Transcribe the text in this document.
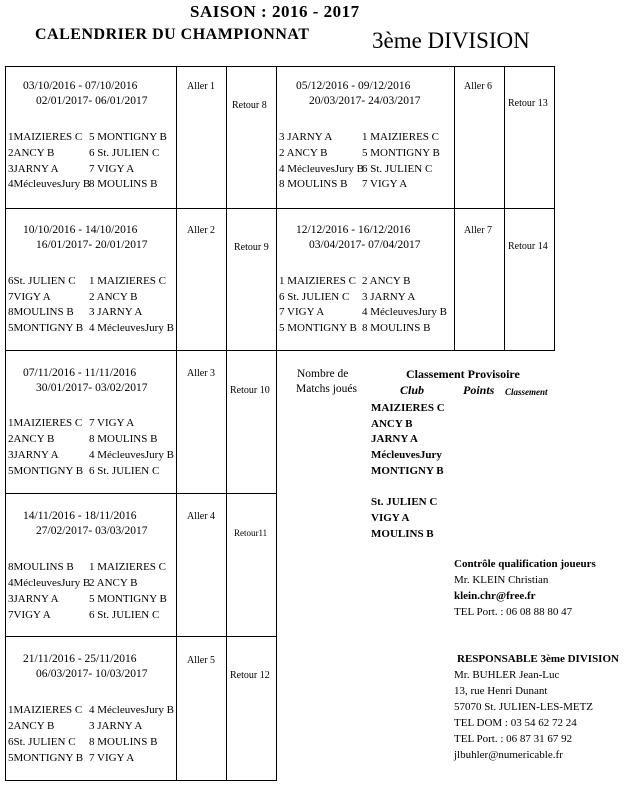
SAISON : 2016 - 2017
CALENDRIER DU CHAMPIONNAT	3ème DIVISION
03/10/2016 - 07/10/2016
02/01/2017- 06/01/2017
Aller 1
Retour 8
1MAIZIERES C
2ANCY B
3JARNY A
4MécleuvesJury B
5 MONTIGNY B
6 St. JULIEN C
7 VIGY A
8 MOULINS B
10/10/2016 - 14/10/2016
16/01/2017- 20/01/2017
Aller 2
Retour 9
6St. JULIEN C
7VIGY A
8MOULINS B
5MONTIGNY B
1 MAIZIERES C
2 ANCY B
3 JARNY A
4 MécleuvesJury B
07/11/2016 - 11/11/2016
30/01/2017- 03/02/2017
Aller 3
Retour 10
1MAIZIERES C
2ANCY B
3JARNY A
5MONTIGNY B
7 VIGY A
8 MOULINS B
4 MécleuvesJury B
6 St. JULIEN C
14/11/2016 - 18/11/2016
27/02/2017- 03/03/2017
Aller 4
Retour11
8MOULINS B
4MécleuvesJury B
3JARNY A
7VIGY A
1 MAIZIERES C
2 ANCY B
5 MONTIGNY B
6 St. JULIEN C
21/11/2016 - 25/11/2016
06/03/2017- 10/03/2017
Aller 5
Retour 12
1MAIZIERES C
2ANCY B
6St. JULIEN C
5MONTIGNY B
4 MécleuvesJury B
3 JARNY A
8 MOULINS B
7 VIGY A
05/12/2016 - 09/12/2016
20/03/2017- 24/03/2017
Aller 6
Retour 13
3 JARNY A
2 ANCY B
4 MécleuvesJury B
8 MOULINS B
1 MAIZIERES C
5 MONTIGNY B
6 St. JULIEN C
7 VIGY A
12/12/2016 - 16/12/2016
03/04/2017- 07/04/2017
Aller 7
Retour 14
1 MAIZIERES C
6 St. JULIEN C
7 VIGY A
5 MONTIGNY B
2 ANCY B
3 JARNY A
4 MécleuvesJury B
8 MOULINS B
Nombre de
Matchs joués
Classement Provisoire
Club	Points Classement
MAIZIERES C
ANCY B
JARNY A
MécleuvesJury
MONTIGNY B
St. JULIEN C
VIGY A
MOULINS B
Contrôle qualification joueurs
Mr. KLEIN Christian
klein.chr@free.fr
TEL Port. : 06 08 88 80 47
RESPONSABLE 3ème DIVISION
Mr. BUHLER Jean-Luc
13, rue Henri Dunant
57070 St. JULIEN-LES-METZ
TEL DOM : 03 54 62 72 24
TEL Port. : 06 87 31 67 92
jlbuhler@numericable.fr
